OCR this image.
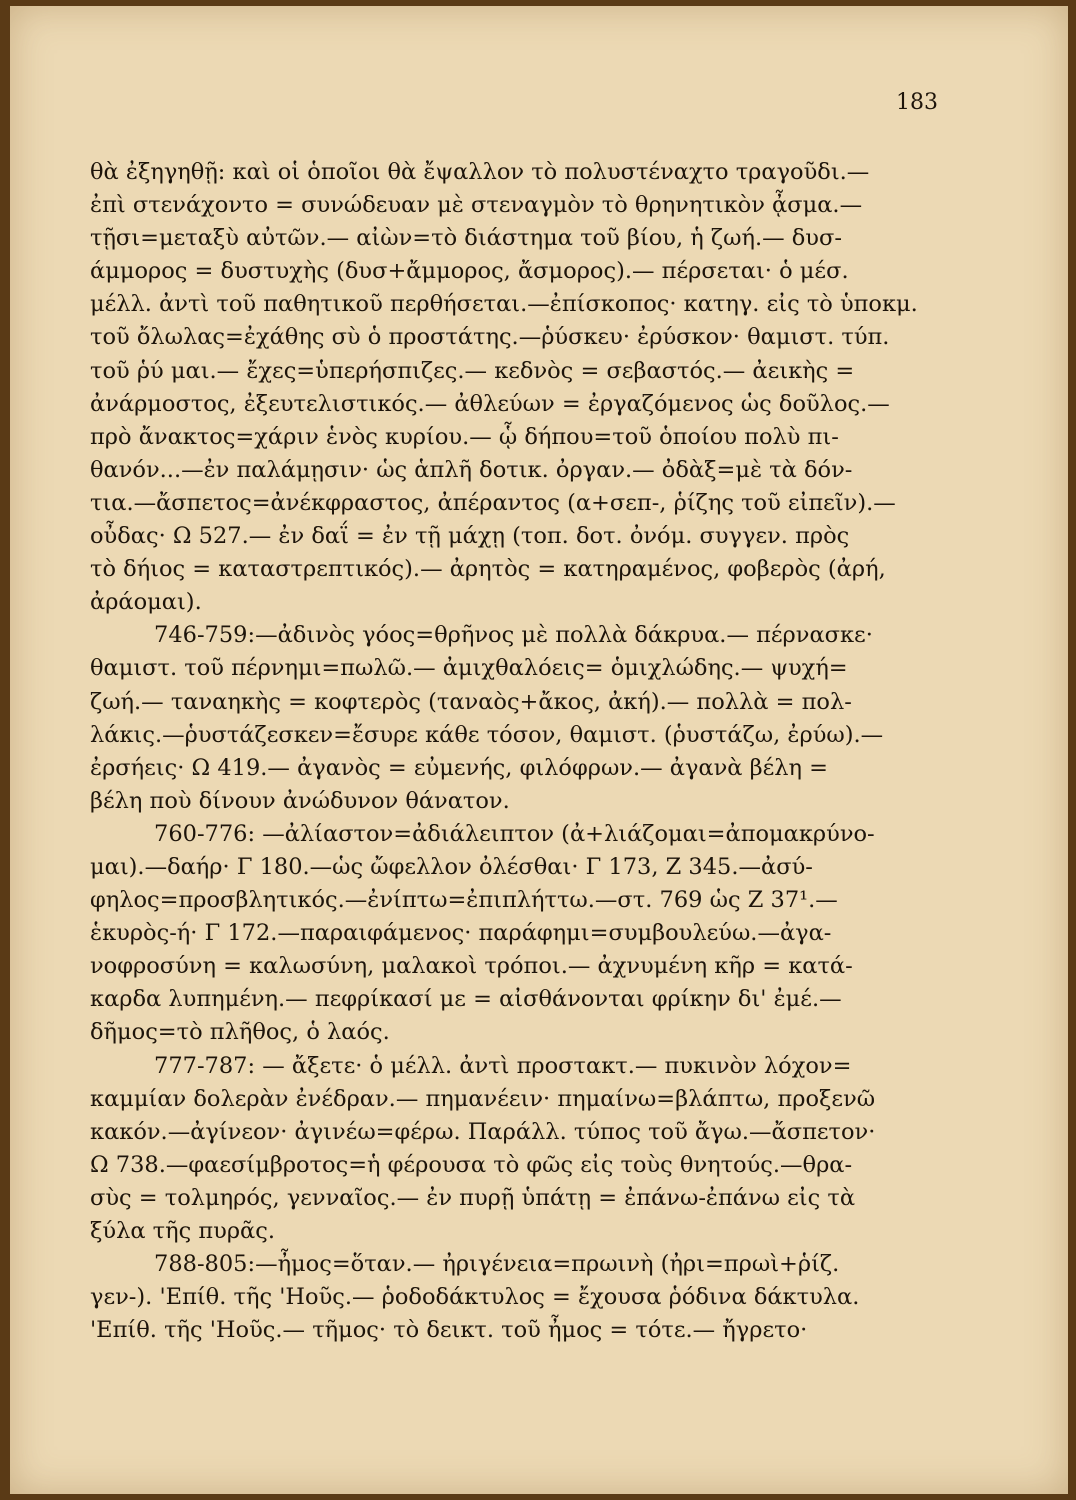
183
θὰ ἐξηγηθῇ: καὶ οἱ ὁποῖοι θὰ ἔψαλλον τὸ πολυστέναχτο τραγοῦδι.—
ἐπὶ στενάχοντο = συνώδευαν μὲ στεναγμὸν τὸ θρηνητικὸν ᾆσμα.—
τῇσι=μεταξὺ αὐτῶν.— αἰὼν=τὸ διάστημα τοῦ βίου, ἡ ζωή.— δυσ-
άμμορος = δυστυχὴς (δυσ+ἄμμορος, ἄσμορος).— πέρσεται· ὁ μέσ.
μέλλ. ἀντὶ τοῦ παθητικοῦ περθήσεται.—ἐπίσκοπος· κατηγ. εἰς τὸ ὑποκμ.
τοῦ ὄλωλας=ἐχάθης σὺ ὁ προστάτης.—ῥύσκευ· ἐρύσκον· θαμιστ. τύπ.
τοῦ ῥύ μαι.— ἔχες=ὑπερήσπιζες.— κεδνὸς = σεβαστός.— ἀεικὴς =
ἀνάρμοστος, ἐξευτελιστικός.— ἀθλεύων = ἐργαζόμενος ὡς δοῦλος.—
πρὸ ἄνακτος=χάριν ἑνὸς κυρίου.— ᾧ δήπου=τοῦ ὁποίου πολὺ πι-
θανόν...—ἐν παλάμῃσιν· ὡς ἁπλῆ δοτικ. ὀργαν.— ὀδὰξ=μὲ τὰ δόν-
τια.—ἄσπετος=ἀνέκφραστος, ἀπέραντος (α+σεπ-, ῥίζης τοῦ εἰπεῖν).—
οὖδας· Ω 527.— ἐν δαΐ = ἐν τῇ μάχῃ (τοπ. δοτ. ὀνόμ. συγγεν. πρὸς
τὸ δήιος = καταστρεπτικός).— ἀρητὸς = κατηραμένος, φοβερὸς (ἀρή,
ἀράομαι).
746-759:—ἀδινὸς γόος=θρῆνος μὲ πολλὰ δάκρυα.— πέρνασκε·
θαμιστ. τοῦ πέρνημι=πωλῶ.— ἀμιχθαλόεις= ὁμιχλώδης.— ψυχή=
ζωή.— ταναηκὴς = κοφτερὸς (ταναὸς+ἄκος, ἀκή).— πολλὰ = πολ-
λάκις.—ῥυστάζεσκεν=ἔσυρε κάθε τόσον, θαμιστ. (ῥυστάζω, ἐρύω).—
ἐρσήεις· Ω 419.— ἀγανὸς = εὐμενής, φιλόφρων.— ἀγανὰ βέλη =
βέλη ποὺ δίνουν ἀνώδυνον θάνατον.
760-776: —ἀλίαστον=ἀδιάλειπτον (ἀ+λιάζομαι=ἀπομακρύνο-
μαι).—δαήρ· Γ 180.—ὡς ὤφελλον ὀλέσθαι· Γ 173, Ζ 345.—ἀσύ-
φηλος=προσβλητικός.—ἐνίπτω=ἐπιπλήττω.—στ. 769 ὡς Ζ 37¹.—
ἑκυρὸς-ή· Γ 172.—παραιφάμενος· παράφημι=συμβουλεύω.—ἀγα-
νοφροσύνη = καλωσύνη, μαλακοὶ τρόποι.— ἀχνυμένη κῆρ = κατά-
καρδα λυπημένη.— πεφρίκασί με = αἰσθάνονται φρίκην δι' ἐμέ.—
δῆμος=τὸ πλῆθος, ὁ λαός.
777-787: — ἄξετε· ὁ μέλλ. ἀντὶ προστακτ.— πυκινὸν λόχον=
καμμίαν δολερὰν ἐνέδραν.— πημανέειν· πημαίνω=βλάπτω, προξενῶ
κακόν.—ἀγίνεον· ἀγινέω=φέρω. Παράλλ. τύπος τοῦ ἄγω.—ἄσπετον·
Ω 738.—φαεσίμβροτος=ἡ φέρουσα τὸ φῶς εἰς τοὺς θνητούς.—θρα-
σὺς = τολμηρός, γενναῖος.— ἐν πυρῇ ὑπάτῃ = ἐπάνω-ἐπάνω εἰς τὰ
ξύλα τῆς πυρᾶς.
788-805:—ἦμος=ὅταν.— ἠριγένεια=πρωινὴ (ἠρι=πρωὶ+ῥίζ.
γεν-). 'Επίθ. τῆς 'Ηοῦς.— ῥοδοδάκτυλος = ἔχουσα ῥόδινα δάκτυλα.
'Επίθ. τῆς 'Ηοῦς.— τῆμος· τὸ δεικτ. τοῦ ἦμος = τότε.— ἤγρετο·
